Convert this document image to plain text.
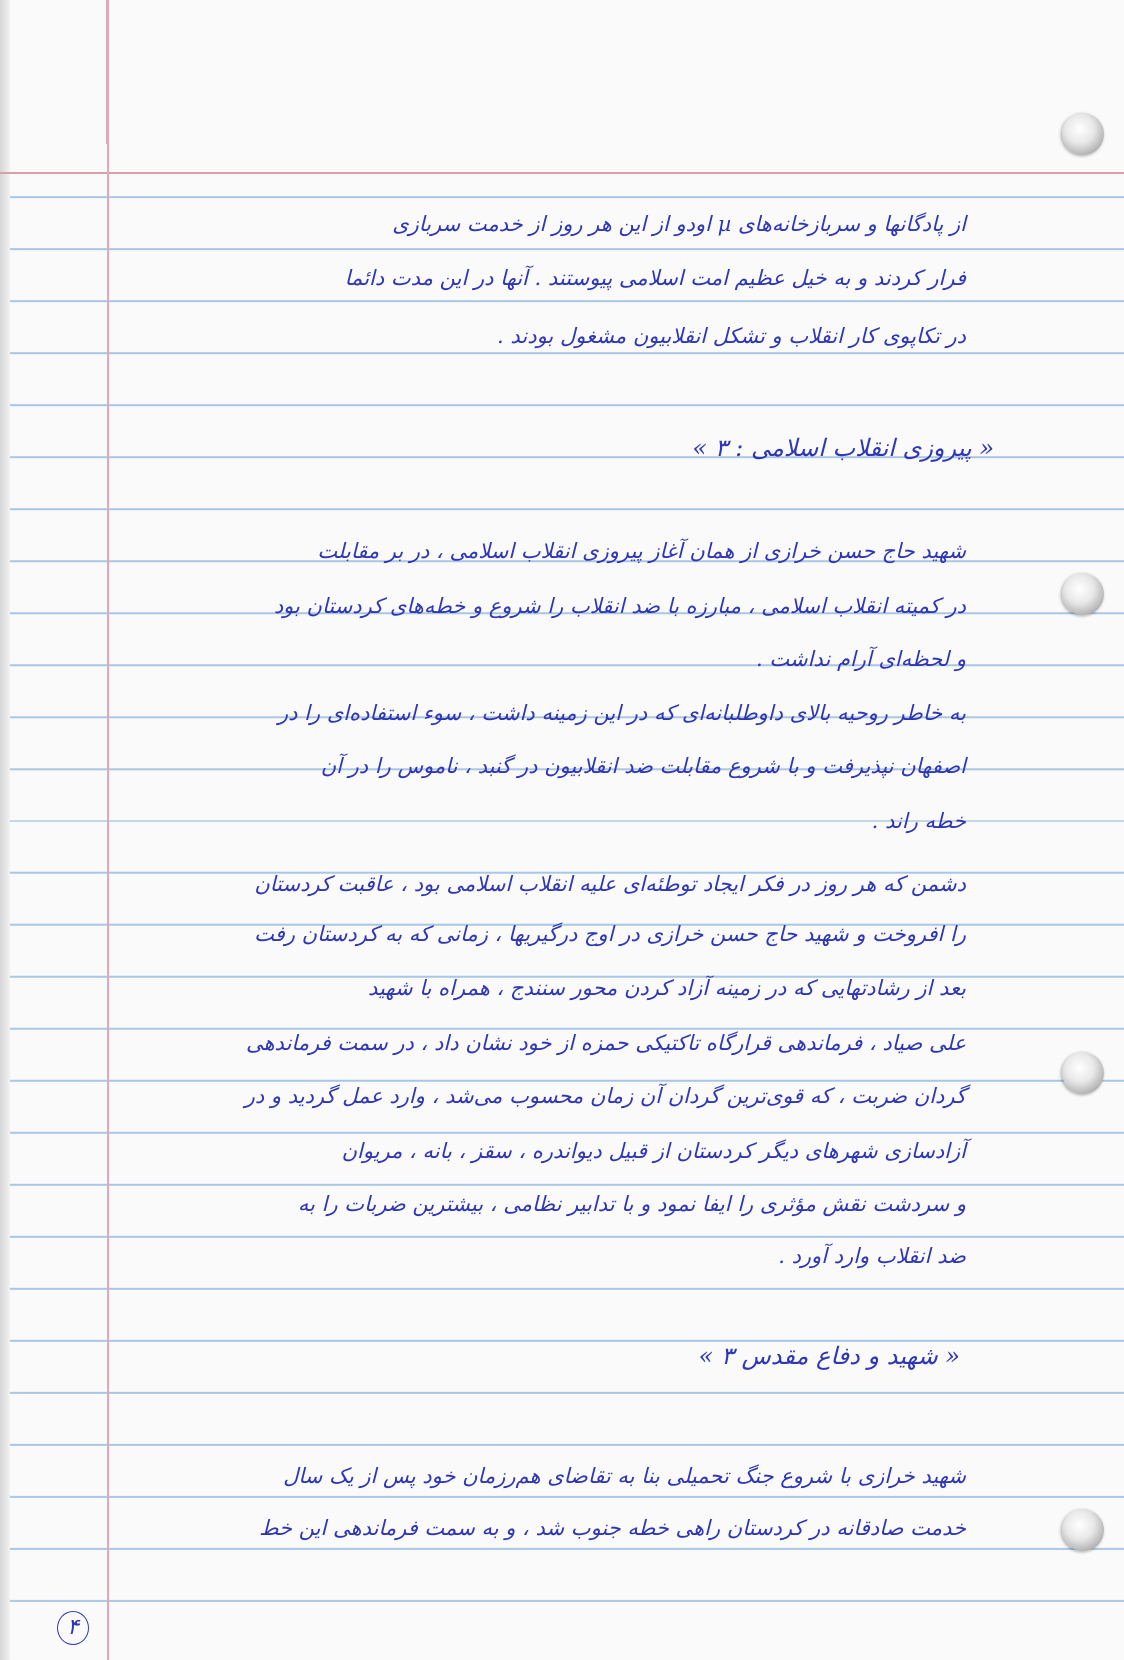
از پادگانها و سربازخانه‌های µ اودو از این هر روز از خدمت سربازی

فرار کردند و به خیل عظیم امت اسلامی پیوستند . آنها در این مدت دائما

در تکاپوی کار انقلاب و تشکل انقلابیون مشغول بودند .

« پیروزی انقلاب اسلامی : ۳ »

شهید حاج حسن خرازی از همان آغاز پیروزی انقلاب اسلامی ، در بر مقابلت

در کمیته انقلاب اسلامی ، مبارزه با ضد انقلاب را شروع و خطه‌های کردستان بود

و لحظه‌ای آرام نداشت .

به خاطر روحیه بالای داوطلبانه‌ای که در این زمینه داشت ، سوء استفاده‌ای را در

اصفهان نپذیرفت و با شروع مقابلت ضد انقلابیون در گنبد ، ناموس را در آن

خطه راند .

دشمن که هر روز در فکر ایجاد توطئه‌ای علیه انقلاب اسلامی بود ، عاقبت کردستان

را افروخت و شهید حاج حسن خرازی در اوج درگیریها ، زمانی که به کردستان رفت

بعد از رشادتهایی که در زمینه آزاد کردن محور سنندج ، همراه با شهید

علی صیاد ، فرماندهی قرارگاه تاکتیکی حمزه از خود نشان داد ، در سمت فرماندهی

گردان ضربت ، که قوی‌ترین گردان آن زمان محسوب می‌شد ، وارد عمل گردید و در

آزادسازی شهرهای دیگر کردستان از قبیل دیواندره ، سقز ، بانه ، مریوان

و سردشت نقش مؤثری را ایفا نمود و با تدابیر نظامی ، بیشترین ضربات را به

ضد انقلاب وارد آورد .

« شهید و دفاع مقدس ۳ »

شهید خرازی با شروع جنگ تحمیلی بنا به تقاضای هم‌رزمان خود پس از یک سال

خدمت صادقانه در کردستان راهی خطه جنوب شد ، و به سمت فرماندهی این خط

۴
